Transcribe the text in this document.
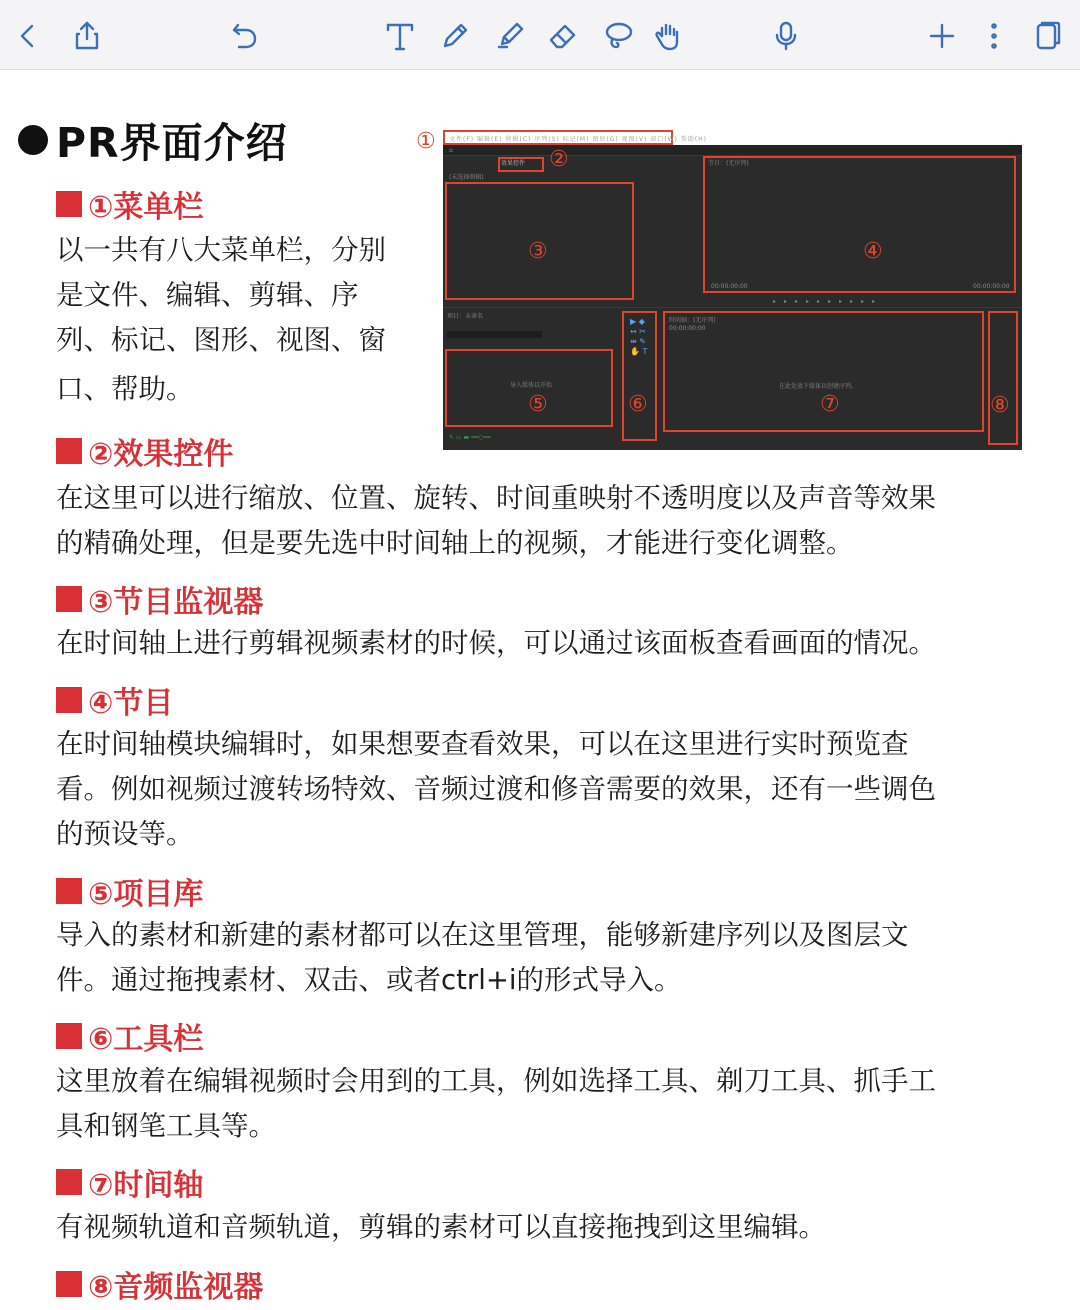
PR界面介绍
①菜单栏
以一共有八大菜单栏，分别
是文件、编辑、剪辑、序
列、标记、图形、视图、窗
口、帮助。
文件(F) 编辑(E) 剪辑(C) 序列(S) 标记(M) 图形(G) 视图(V) 窗口(W) 帮助(H)
① ⌂
效果控件	节目：(无序列)
(未选择剪辑)
②
③
00:00:00:00	00:00:00:00
④
▸▸▸▸▸▸▸▸▸▸
项目：未命名
导入媒体以开始
⑤
▶ ◆
↔ ✂
⇹ ✎
✋ T
⑥
时间轴：(无序列)
00:00:00:00
在此处放下媒体以创建序列。
⑦	⑧
✎ ▭ ▬ ━━○━━
②效果控件
在这里可以进行缩放、位置、旋转、时间重映射不透明度以及声音等效果
的精确处理，但是要先选中时间轴上的视频，才能进行变化调整。
③节目监视器
在时间轴上进行剪辑视频素材的时候，可以通过该面板查看画面的情况。
④节目
在时间轴模块编辑时，如果想要查看效果，可以在这里进行实时预览查
看。例如视频过渡转场特效、音频过渡和修音需要的效果，还有一些调色
的预设等。
⑤项目库
导入的素材和新建的素材都可以在这里管理，能够新建序列以及图层文
件。通过拖拽素材、双击、或者ctrl+i的形式导入。
⑥工具栏
这里放着在编辑视频时会用到的工具，例如选择工具、剃刀工具、抓手工
具和钢笔工具等。
⑦时间轴
有视频轨道和音频轨道，剪辑的素材可以直接拖拽到这里编辑。
⑧音频监视器
